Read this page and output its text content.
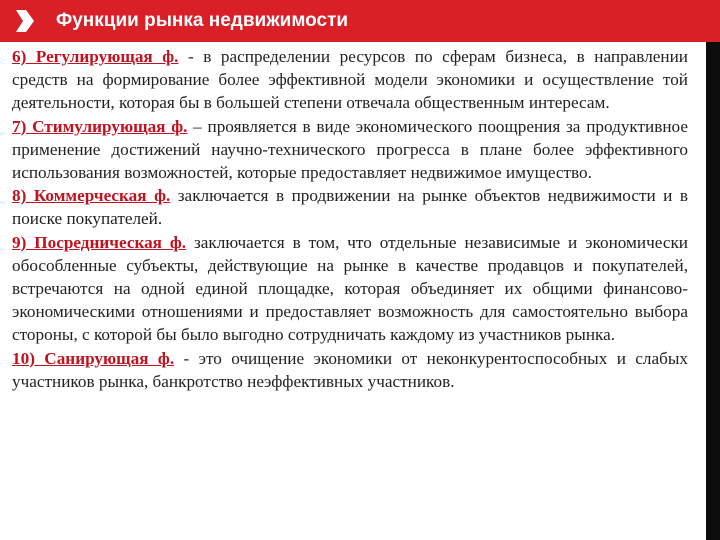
Функции рынка недвижимости

6) Регулирующая ф. - в распределении ресурсов по сферам бизнеса, в направлении средств на формирование более эффективной модели экономики и осуществление той деятельности, которая бы в большей степени отвечала общественным интересам.

7) Стимулирующая ф. – проявляется в виде экономического поощрения за продуктивное применение достижений научно-технического прогресса в плане более эффективного использования возможностей, которые предоставляет недвижимое имущество.

8) Коммерческая ф. заключается в продвижении на рынке объектов недвижимости и в поиске покупателей.

9) Посредническая ф. заключается в том, что отдельные независимые и экономически обособленные субъекты, действующие на рынке в качестве продавцов и покупателей, встречаются на одной единой площадке, которая объединяет их общими финансово-экономическими отношениями и предоставляет возможность для самостоятельно выбора стороны, с которой бы было выгодно сотрудничать каждому из участников рынка.

10) Санирующая ф. - это очищение экономики от неконкурентоспособных и слабых участников рынка, банкротство неэффективных участников.
